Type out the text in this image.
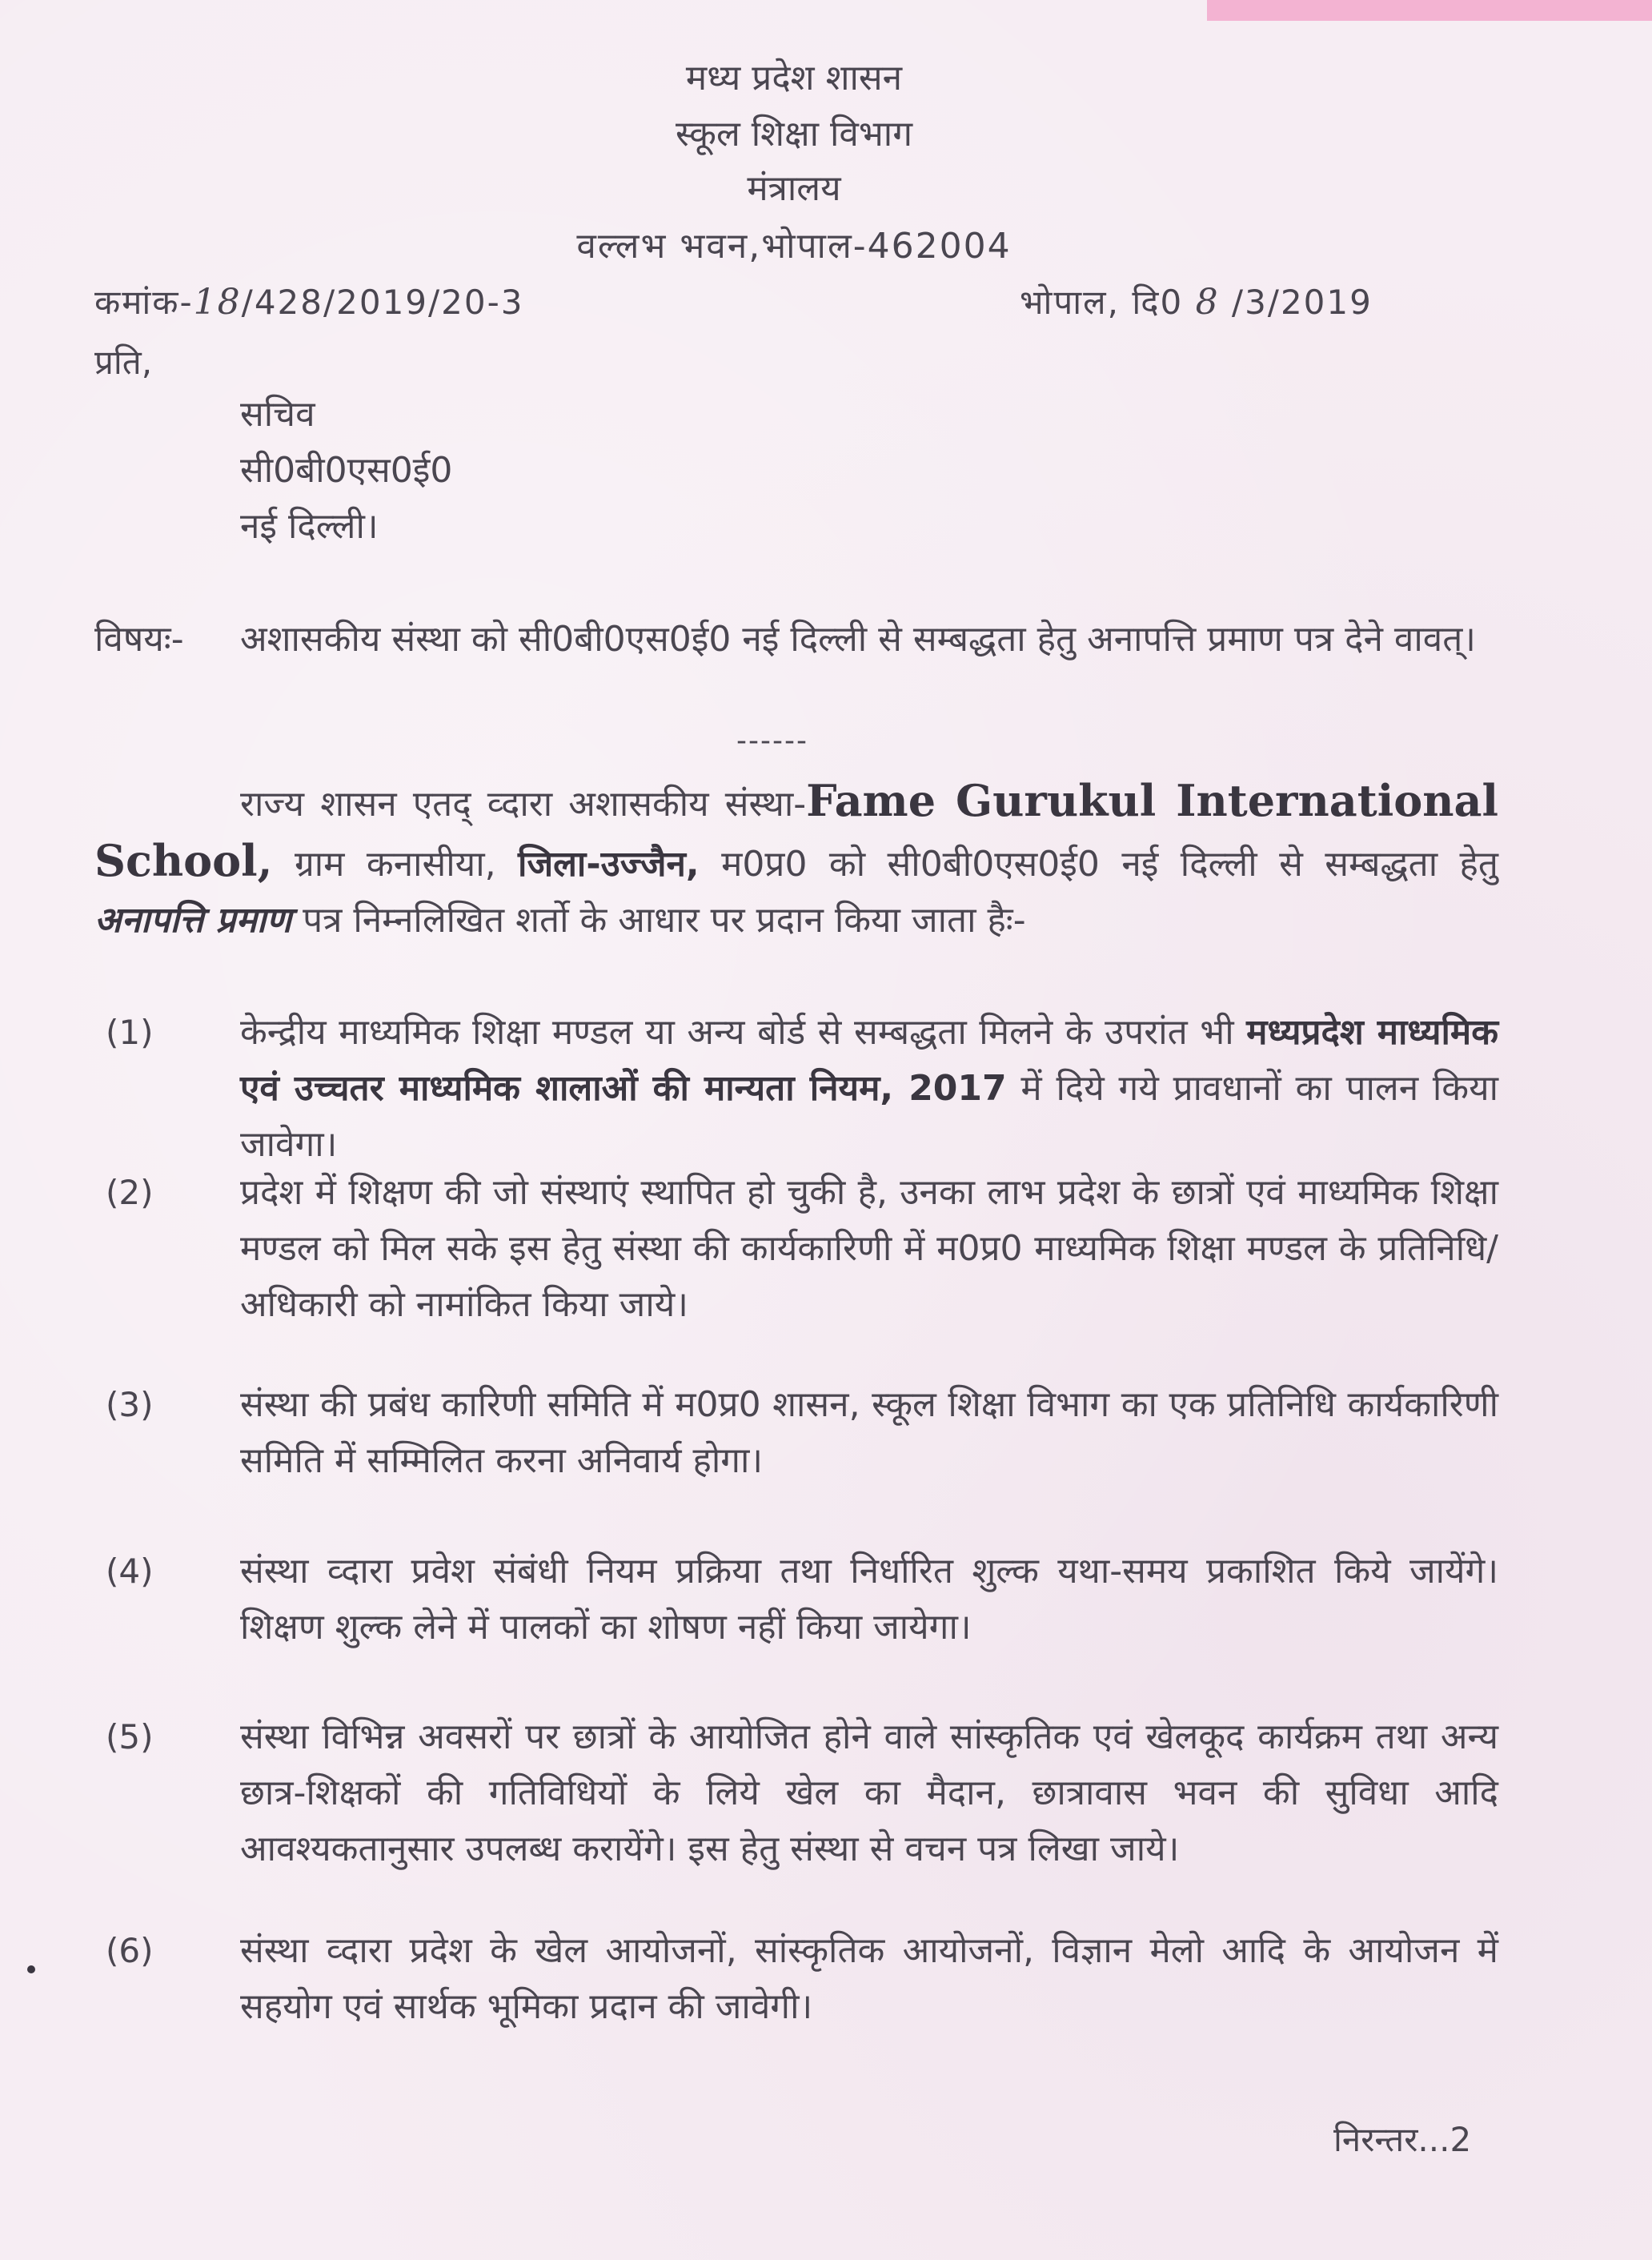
मध्य प्रदेश शासन
स्कूल शिक्षा विभाग
मंत्रालय
वल्लभ भवन,भोपाल-462004
कमांक-18/428/2019/20-3	भोपाल, दि0 8 /3/2019
प्रति,
सचिव
सी0बी0एस0ई0
नई दिल्ली।
विषयः- अशासकीय संस्था को सी0बी0एस0ई0 नई दिल्ली से सम्बद्धता हेतु अनापत्ति प्रमाण पत्र देने वावत्।
------
राज्य शासन एतद् व्दारा अशासकीय संस्था-Fame Gurukul International School, ग्राम कनासीया, जिला-उज्जैन, म0प्र0 को सी0बी0एस0ई0 नई दिल्ली से सम्बद्धता हेतु अनापत्ति प्रमाण पत्र निम्नलिखित शर्तो के आधार पर प्रदान किया जाता हैः-
(1) केन्द्रीय माध्यमिक शिक्षा मण्डल या अन्य बोर्ड से सम्बद्धता मिलने के उपरांत भी मध्यप्रदेश माध्यमिक एवं उच्चतर माध्यमिक शालाओं की मान्यता नियम, 2017 में दिये गये प्रावधानों का पालन किया जावेगा।
(2) प्रदेश में शिक्षण की जो संस्थाएं स्थापित हो चुकी है, उनका लाभ प्रदेश के छात्रों एवं माध्यमिक शिक्षा मण्डल को मिल सके इस हेतु संस्था की कार्यकारिणी में म0प्र0 माध्यमिक शिक्षा मण्डल के प्रतिनिधि/अधिकारी को नामांकित किया जाये।
(3) संस्था की प्रबंध कारिणी समिति में म0प्र0 शासन, स्कूल शिक्षा विभाग का एक प्रतिनिधि कार्यकारिणी समिति में सम्मिलित करना अनिवार्य होगा।
(4) संस्था व्दारा प्रवेश संबंधी नियम प्रक्रिया तथा निर्धारित शुल्क यथा-समय प्रकाशित किये जायेंगे। शिक्षण शुल्क लेने में पालकों का शोषण नहीं किया जायेगा।
(5) संस्था विभिन्न अवसरों पर छात्रों के आयोजित होने वाले सांस्कृतिक एवं खेलकूद कार्यक्रम तथा अन्य छात्र-शिक्षकों की गतिविधियों के लिये खेल का मैदान, छात्रावास भवन की सुविधा आदि आवश्यकतानुसार उपलब्ध करायेंगे। इस हेतु संस्था से वचन पत्र लिखा जाये।
(6) संस्था व्दारा प्रदेश के खेल आयोजनों, सांस्कृतिक आयोजनों, विज्ञान मेलो आदि के आयोजन में सहयोग एवं सार्थक भूमिका प्रदान की जावेगी।
निरन्तर...2
